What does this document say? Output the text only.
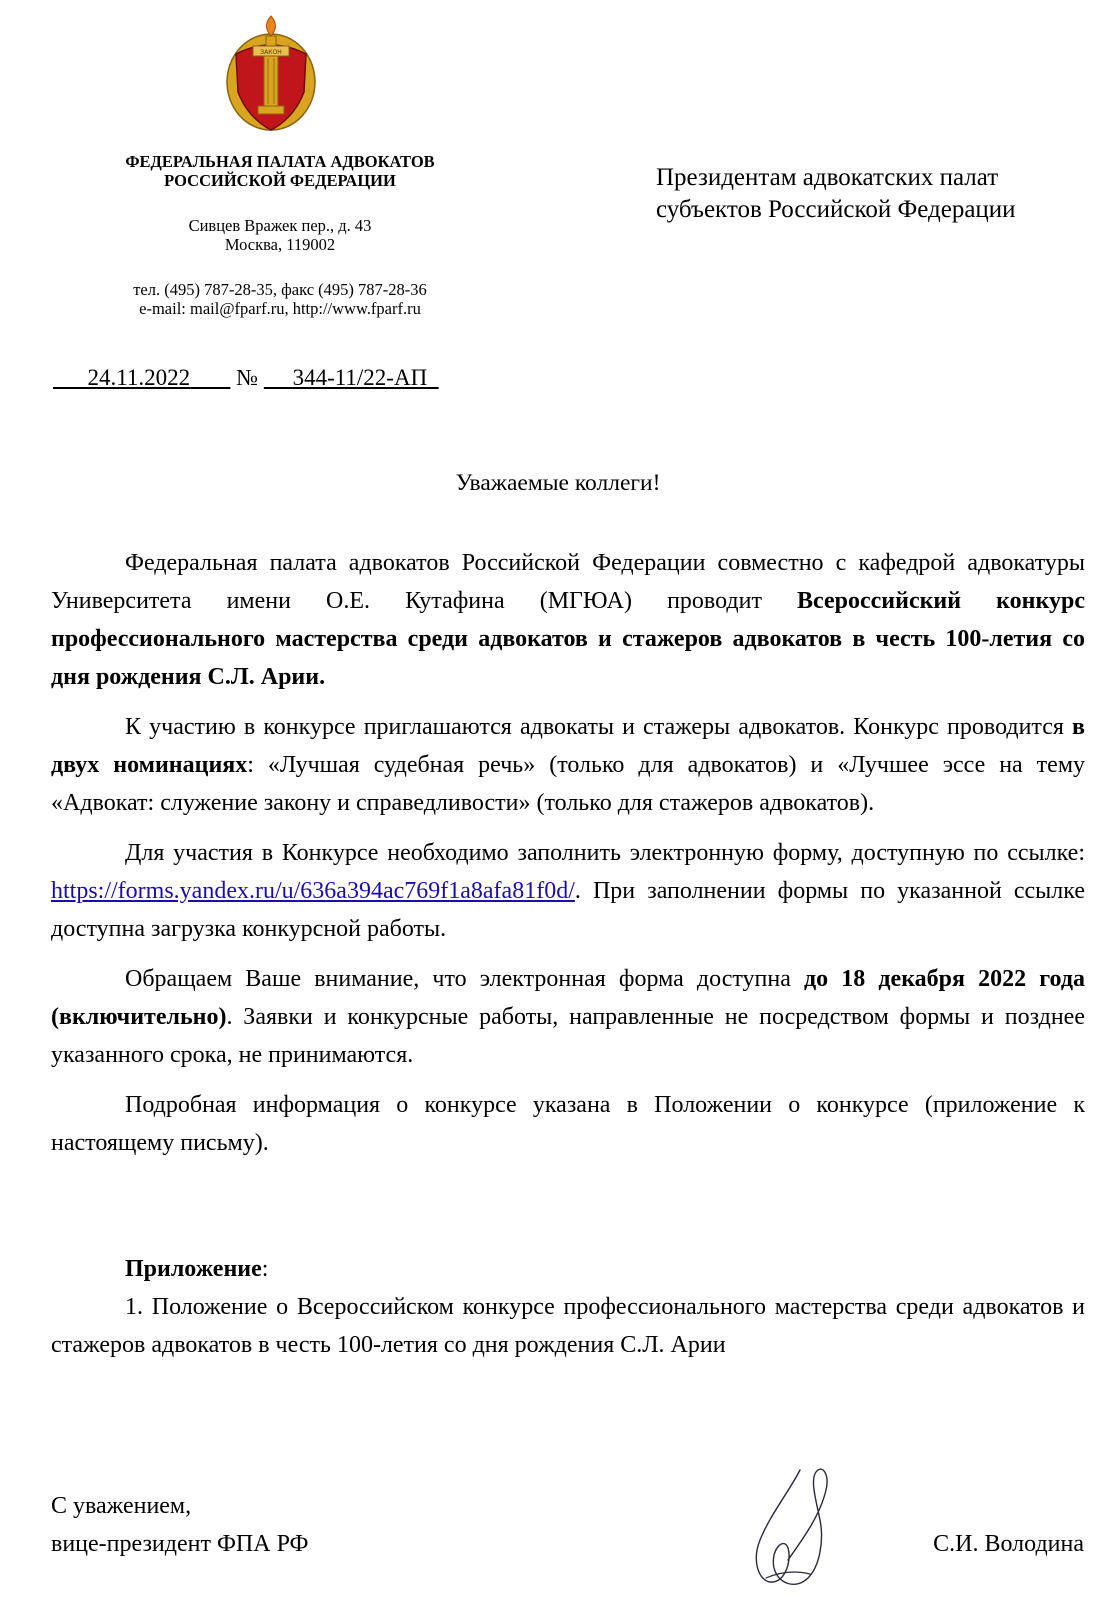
ЗАКОН
ФЕДЕРАЛЬНАЯ ПАЛАТА АДВОКАТОВ
РОССИЙСКОЙ ФЕДЕРАЦИИ
Сивцев Вражек пер., д. 43
Москва, 119002
тел. (495) 787-28-35, факс (495) 787-28-36
e-mail: mail@fparf.ru, http://www.fparf.ru
Президентам адвокатских палат
субъектов Российской Федерации
24.11.2022 № 344-11/22-АП
Уважаемые коллеги!

Федеральная палата адвокатов Российской Федерации совместно с кафедрой адвокатуры Университета имени О.Е. Кутафина (МГЮА) проводит Всероссийский конкурс профессионального мастерства среди адвокатов и стажеров адвокатов в честь 100-летия со дня рождения С.Л. Арии.

К участию в конкурсе приглашаются адвокаты и стажеры адвокатов. Конкурс проводится в двух номинациях: «Лучшая судебная речь» (только для адвокатов) и «Лучшее эссе на тему «Адвокат: служение закону и справедливости» (только для стажеров адвокатов).

Для участия в Конкурсе необходимо заполнить электронную форму, доступную по ссылке: https://forms.yandex.ru/u/636a394ac769f1a8afa81f0d/. При заполнении формы по указанной ссылке доступна загрузка конкурсной работы.

Обращаем Ваше внимание, что электронная форма доступна до 18 декабря 2022 года (включительно). Заявки и конкурсные работы, направленные не посредством формы и позднее указанного срока, не принимаются.

Подробная информация о конкурсе указана в Положении о конкурсе (приложение к настоящему письму).

Приложение:

1. Положение о Всероссийском конкурсе профессионального мастерства среди адвокатов и стажеров адвокатов в честь 100-летия со дня рождения С.Л. Арии

С уважением,
вице-президент ФПА РФ	С.И. Володина
